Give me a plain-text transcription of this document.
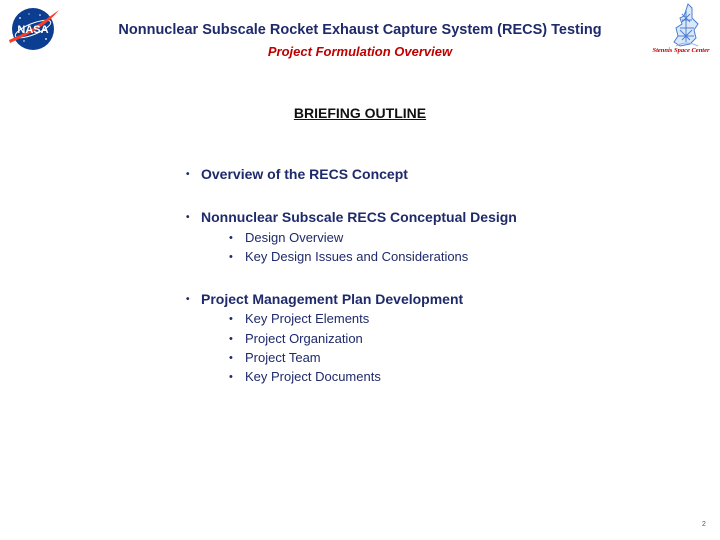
NASA
Stennis Space Center
Nonnuclear Subscale Rocket Exhaust Capture System (RECS) Testing
Project Formulation Overview
BRIEFING OUTLINE
• Overview of the RECS Concept
• Nonnuclear Subscale RECS Conceptual Design
• Design Overview
• Key Design Issues and Considerations
• Project Management Plan Development
• Key Project Elements
• Project Organization
• Project Team
• Key Project Documents
2
